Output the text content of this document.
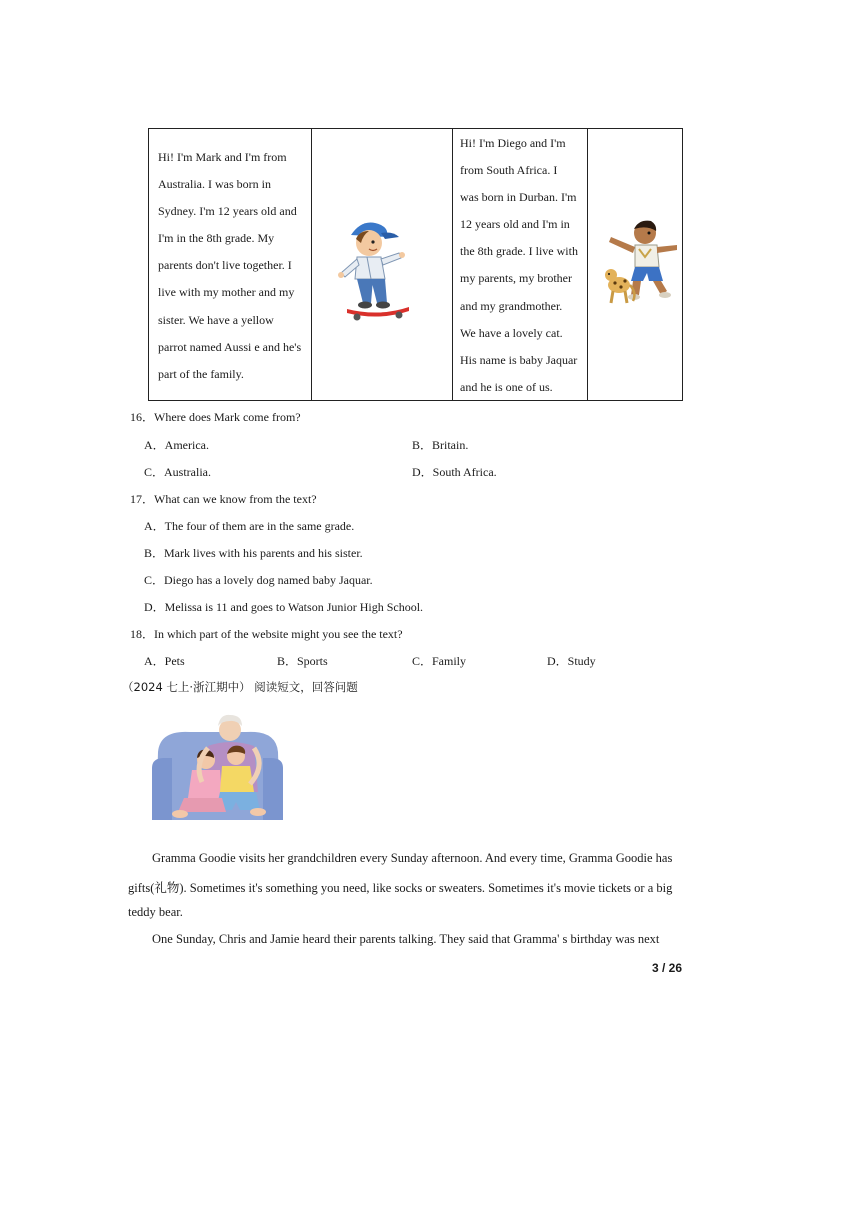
Hi! I'm Mark and I'm from
Australia. I was born in
Sydney. I'm 12 years old and
I'm in the 8th grade. My
parents don't live together. I
live with my mother and my
sister. We have a yellow
parrot named Aussi e and he's
part of the family.
Hi! I'm Diego and I'm
from South Africa. I
was born in Durban. I'm
12 years old and I'm in
the 8th grade. I live with
my parents, my brother
and my grandmother.
We have a lovely cat.
His name is baby Jaquar
and he is one of us.
16．Where does Mark come from?
A．America.	B．Britain.
C．Australia.	D．South Africa.
17．What can we know from the text?
A．The four of them are in the same grade.
B．Mark lives with his parents and his sister.
C．Diego has a lovely dog named baby Jaquar.
D．Melissa is 11 and goes to Watson Junior High School.
18．In which part of the website might you see the text?
A．Pets	B．Sports	C．Family	D．Study
（2024 七上·浙江期中） 阅读短文，回答问题
Gramma Goodie visits her grandchildren every Sunday afternoon. And every time, Gramma Goodie has
gifts(礼物). Sometimes it's something you need, like socks or sweaters. Sometimes it's movie tickets or a big
teddy bear.
One Sunday, Chris and Jamie heard their parents talking. They said that Gramma' s birthday was next
3 / 26
